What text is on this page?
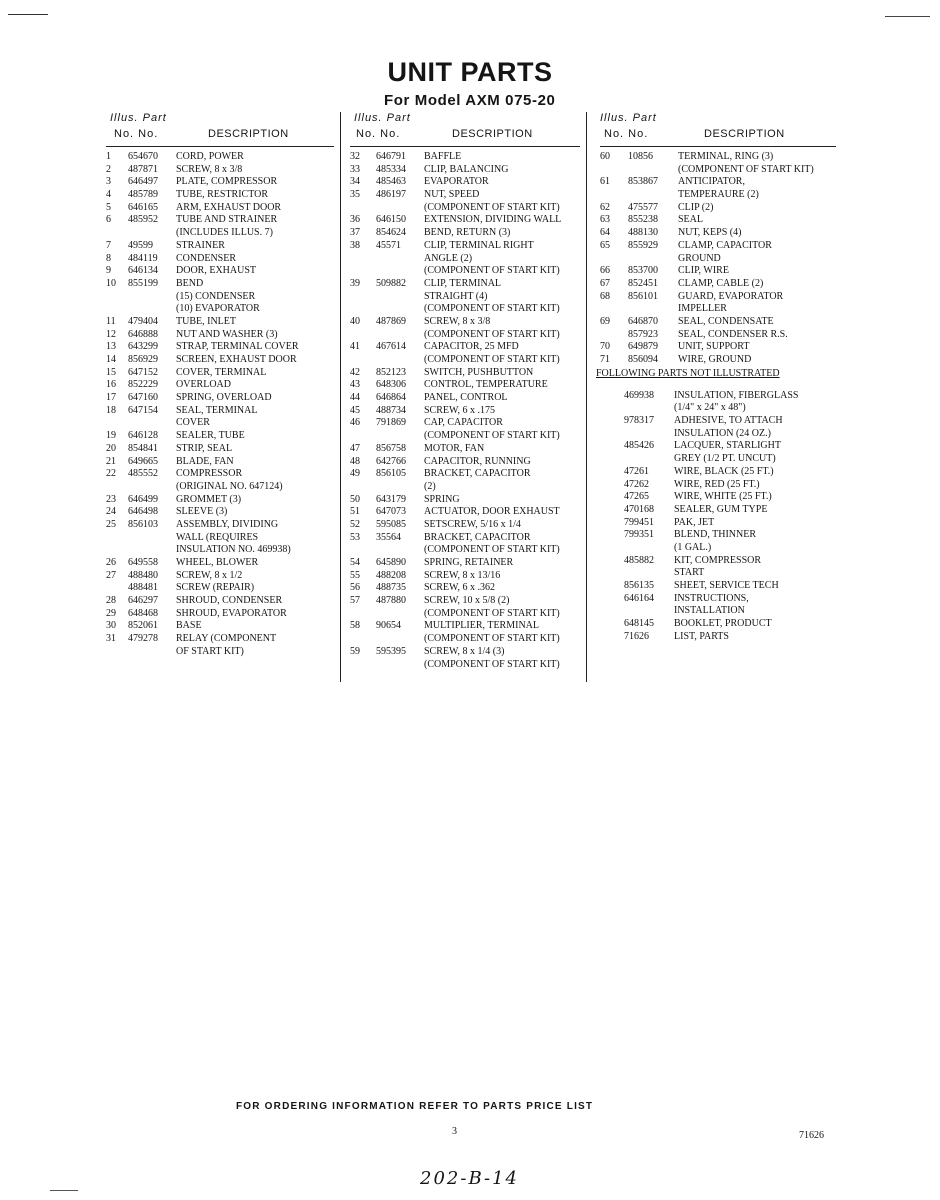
UNIT PARTS
For Model AXM 075-20
Illus. Part
No. No.	DESCRIPTION
1 654670 CORD, POWER
2 487871 SCREW, 8 x 3/8
3 646497 PLATE, COMPRESSOR
4 485789 TUBE, RESTRICTOR
5 646165 ARM, EXHAUST DOOR
6 485952 TUBE AND STRAINER
(INCLUDES ILLUS. 7)
7 49599 STRAINER
8 484119 CONDENSER
9 646134 DOOR, EXHAUST
10 855199 BEND
(15) CONDENSER
(10) EVAPORATOR
11 479404 TUBE, INLET
12 646888 NUT AND WASHER (3)
13 643299 STRAP, TERMINAL COVER
14 856929 SCREEN, EXHAUST DOOR
15 647152 COVER, TERMINAL
16 852229 OVERLOAD
17 647160 SPRING, OVERLOAD
18 647154 SEAL, TERMINAL
COVER
19 646128 SEALER, TUBE
20 854841 STRIP, SEAL
21 649665 BLADE, FAN
22 485552 COMPRESSOR
(ORIGINAL NO. 647124)
23 646499 GROMMET (3)
24 646498 SLEEVE (3)
25 856103 ASSEMBLY, DIVIDING
WALL (REQUIRES
INSULATION NO. 469938)
26 649558 WHEEL, BLOWER
27 488480 SCREW, 8 x 1/2
488481 SCREW (REPAIR)
28 646297 SHROUD, CONDENSER
29 648468 SHROUD, EVAPORATOR
30 852061 BASE
31 479278 RELAY (COMPONENT
OF START KIT)
Illus. Part
No. No.	DESCRIPTION
32 646791 BAFFLE
33 485334 CLIP, BALANCING
34 485463 EVAPORATOR
35 486197 NUT, SPEED
(COMPONENT OF START KIT)
36 646150 EXTENSION, DIVIDING WALL
37 854624 BEND, RETURN (3)
38 45571 CLIP, TERMINAL RIGHT
ANGLE (2)
(COMPONENT OF START KIT)
39 509882 CLIP, TERMINAL
STRAIGHT (4)
(COMPONENT OF START KIT)
40 487869 SCREW, 8 x 3/8
(COMPONENT OF START KIT)
41 467614 CAPACITOR, 25 MFD
(COMPONENT OF START KIT)
42 852123 SWITCH, PUSHBUTTON
43 648306 CONTROL, TEMPERATURE
44 646864 PANEL, CONTROL
45 488734 SCREW, 6 x .175
46 791869 CAP, CAPACITOR
(COMPONENT OF START KIT)
47 856758 MOTOR, FAN
48 642766 CAPACITOR, RUNNING
49 856105 BRACKET, CAPACITOR
(2)
50 643179 SPRING
51 647073 ACTUATOR, DOOR EXHAUST
52 595085 SETSCREW, 5/16 x 1/4
53 35564 BRACKET, CAPACITOR
(COMPONENT OF START KIT)
54 645890 SPRING, RETAINER
55 488208 SCREW, 8 x 13/16
56 488735 SCREW, 6 x .362
57 487880 SCREW, 10 x 5/8 (2)
(COMPONENT OF START KIT)
58 90654 MULTIPLIER, TERMINAL
(COMPONENT OF START KIT)
59 595395 SCREW, 8 x 1/4 (3)
(COMPONENT OF START KIT)
Illus. Part
No. No.	DESCRIPTION
60 10856	TERMINAL, RING (3)
(COMPONENT OF START KIT)
61 853867 ANTICIPATOR,
TEMPERAURE (2)
62 475577 CLIP (2)
63 855238 SEAL
64 488130 NUT, KEPS (4)
65 855929 CLAMP, CAPACITOR
GROUND
66 853700 CLIP, WIRE
67 852451 CLAMP, CABLE (2)
68 856101 GUARD, EVAPORATOR
IMPELLER
69 646870 SEAL, CONDENSATE
857923 SEAL, CONDENSER R.S.
70 649879 UNIT, SUPPORT
71 856094 WIRE, GROUND
FOLLOWING PARTS NOT ILLUSTRATED
469938 INSULATION, FIBERGLASS
(1/4" x 24" x 48")
978317 ADHESIVE, TO ATTACH
INSULATION (24 OZ.)
485426 LACQUER, STARLIGHT
GREY (1/2 PT. UNCUT)
47261	WIRE, BLACK (25 FT.)
47262	WIRE, RED (25 FT.)
47265	WIRE, WHITE (25 FT.)
470168 SEALER, GUM TYPE
799451 PAK, JET
799351 BLEND, THINNER
(1 GAL.)
485882 KIT, COMPRESSOR
START
856135 SHEET, SERVICE TECH
646164 INSTRUCTIONS,
INSTALLATION
648145 BOOKLET, PRODUCT
71626	LIST, PARTS
FOR ORDERING INFORMATION REFER TO PARTS PRICE LIST
3	71626
202-B-14
